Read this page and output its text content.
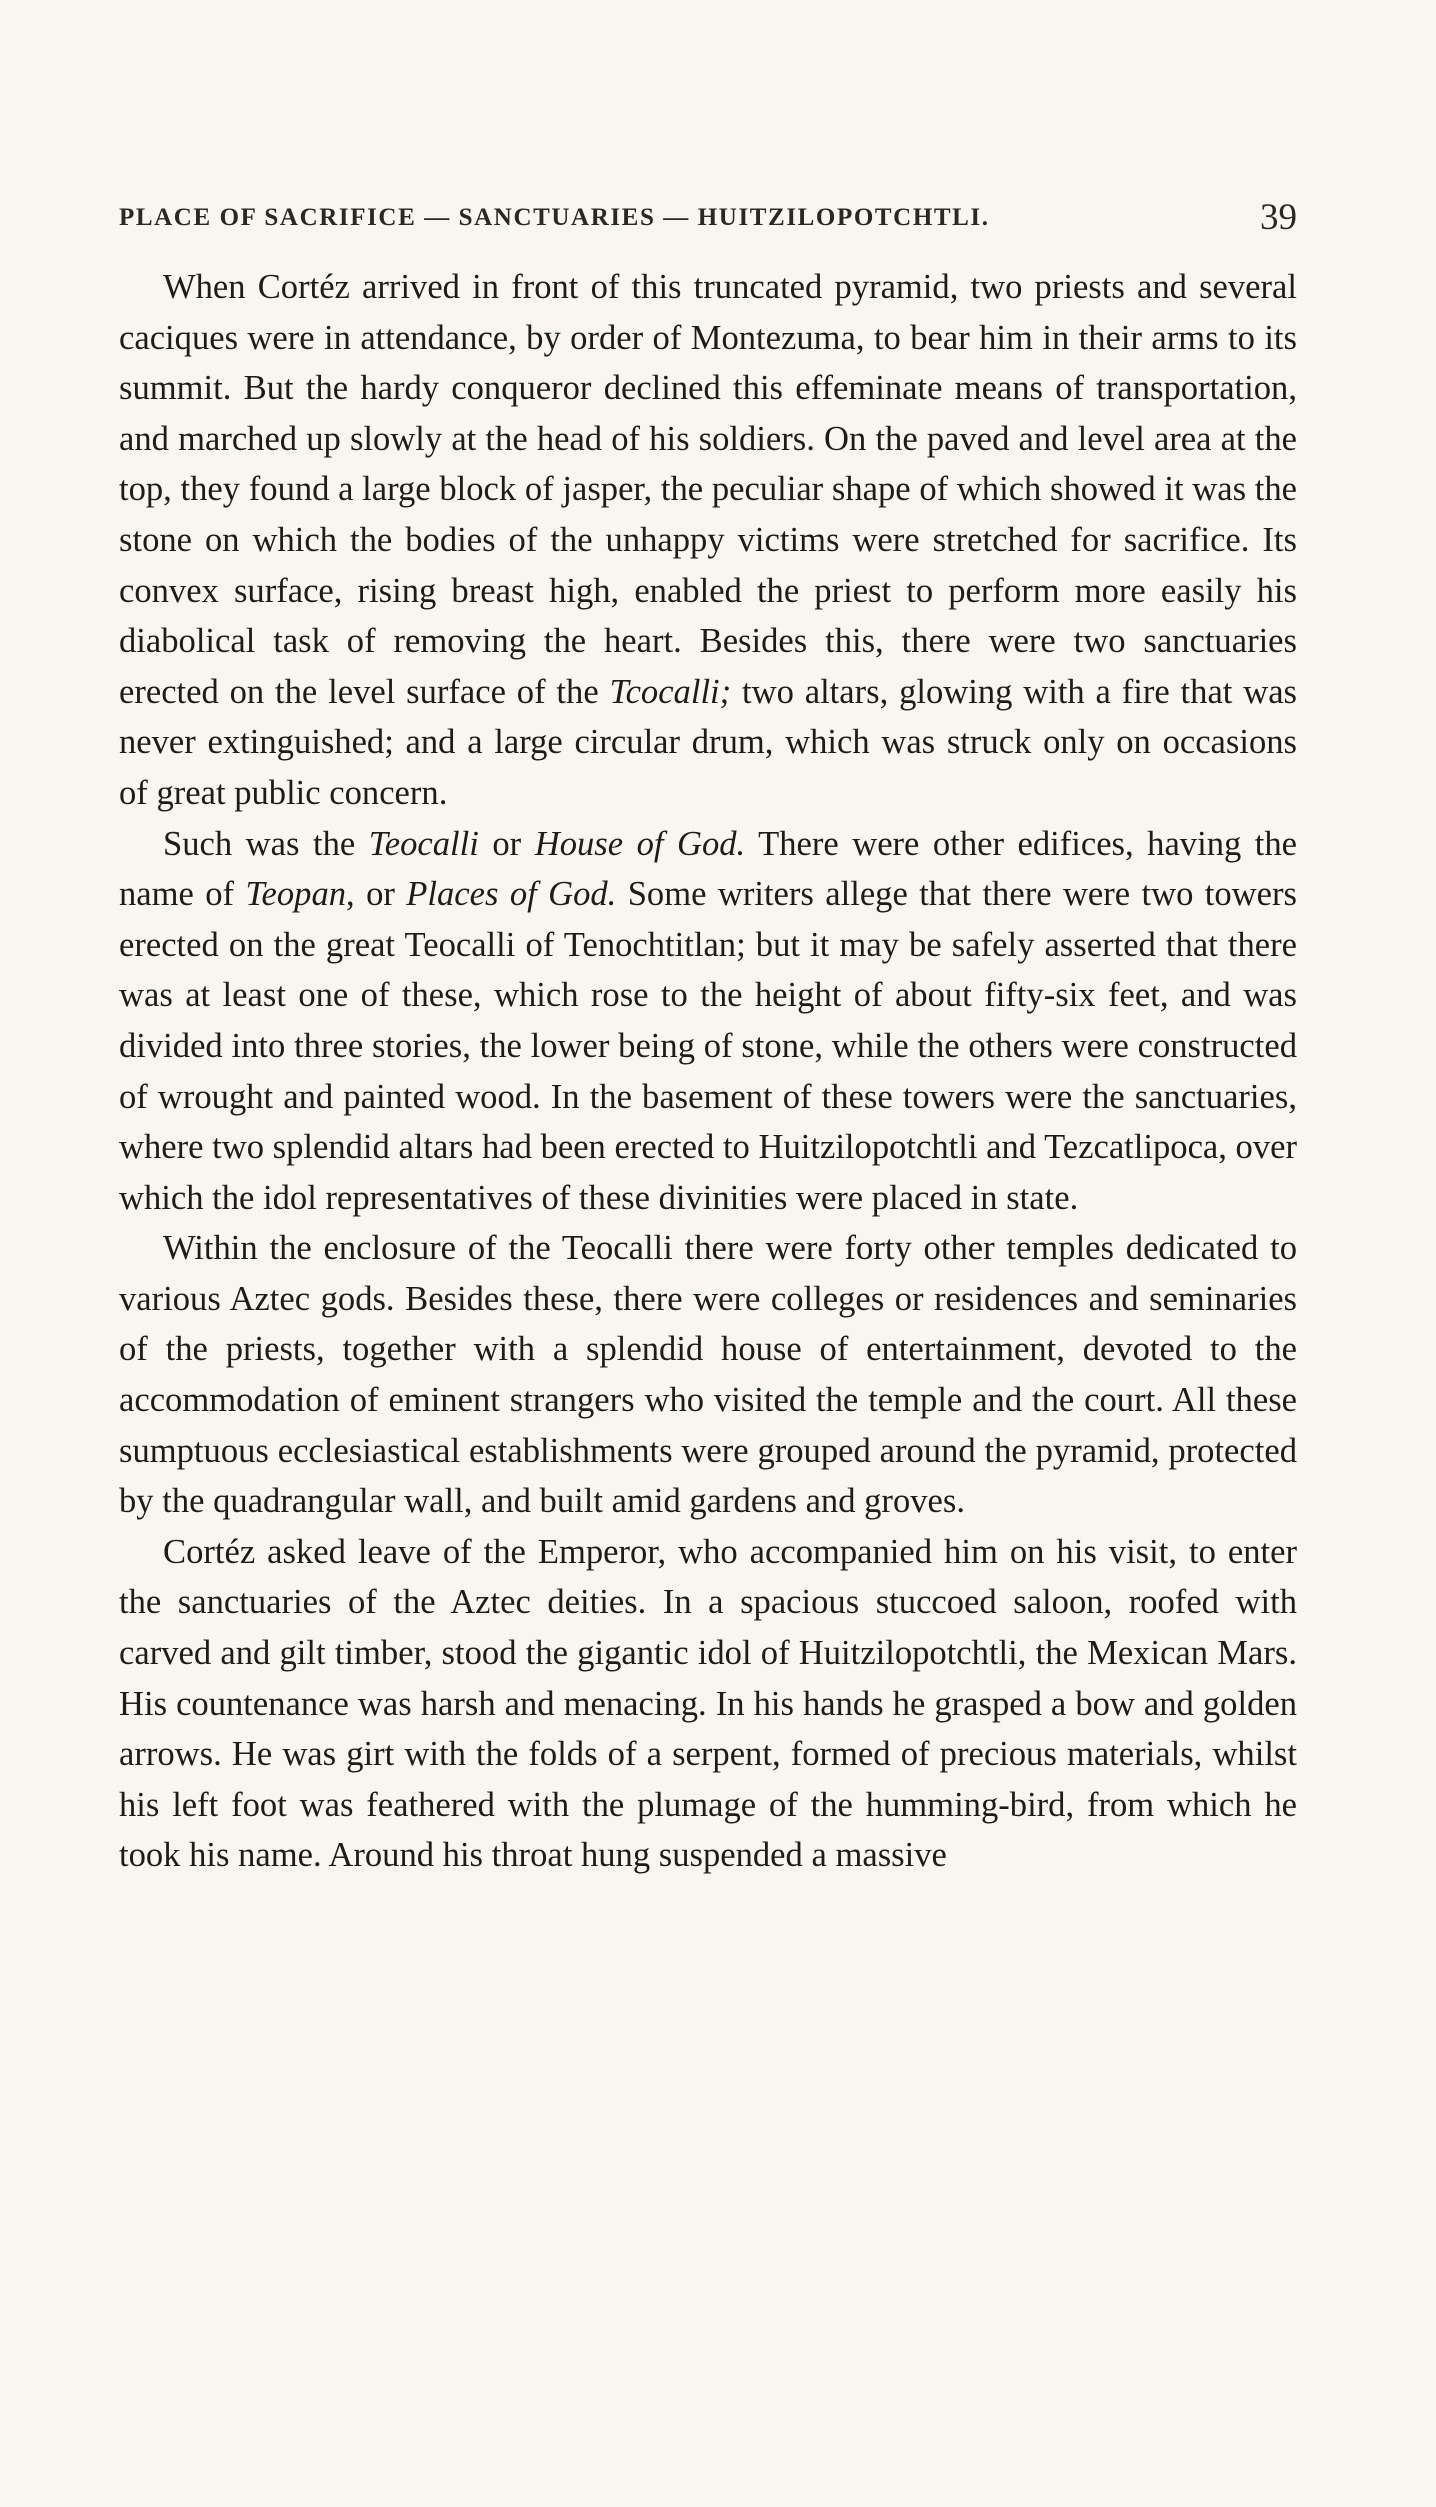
PLACE OF SACRIFICE — SANCTUARIES — HUITZILOPOTCHTLI.	39

When Cortéz arrived in front of this truncated pyramid, two priests and several caciques were in attendance, by order of Montezuma, to bear him in their arms to its summit. But the hardy conqueror declined this effeminate means of transportation, and marched up slowly at the head of his soldiers. On the paved and level area at the top, they found a large block of jasper, the peculiar shape of which showed it was the stone on which the bodies of the unhappy victims were stretched for sacrifice. Its convex surface, rising breast high, enabled the priest to perform more easily his diabolical task of removing the heart. Besides this, there were two sanctuaries erected on the level surface of the Tcocalli; two altars, glowing with a fire that was never extinguished; and a large circular drum, which was struck only on occasions of great public concern.

Such was the Teocalli or House of God. There were other edifices, having the name of Teopan, or Places of God. Some writers allege that there were two towers erected on the great Teocalli of Tenochtitlan; but it may be safely asserted that there was at least one of these, which rose to the height of about fifty-six feet, and was divided into three stories, the lower being of stone, while the others were constructed of wrought and painted wood. In the basement of these towers were the sanctuaries, where two splendid altars had been erected to Huitzilopotchtli and Tezcatlipoca, over which the idol representatives of these divinities were placed in state.

Within the enclosure of the Teocalli there were forty other temples dedicated to various Aztec gods. Besides these, there were colleges or residences and seminaries of the priests, together with a splendid house of entertainment, devoted to the accommodation of eminent strangers who visited the temple and the court. All these sumptuous ecclesiastical establishments were grouped around the pyramid, protected by the quadrangular wall, and built amid gardens and groves.

Cortéz asked leave of the Emperor, who accompanied him on his visit, to enter the sanctuaries of the Aztec deities. In a spacious stuccoed saloon, roofed with carved and gilt timber, stood the gigantic idol of Huitzilopotchtli, the Mexican Mars. His countenance was harsh and menacing. In his hands he grasped a bow and golden arrows. He was girt with the folds of a serpent, formed of precious materials, whilst his left foot was feathered with the plumage of the humming-bird, from which he took his name. Around his throat hung suspended a massive
